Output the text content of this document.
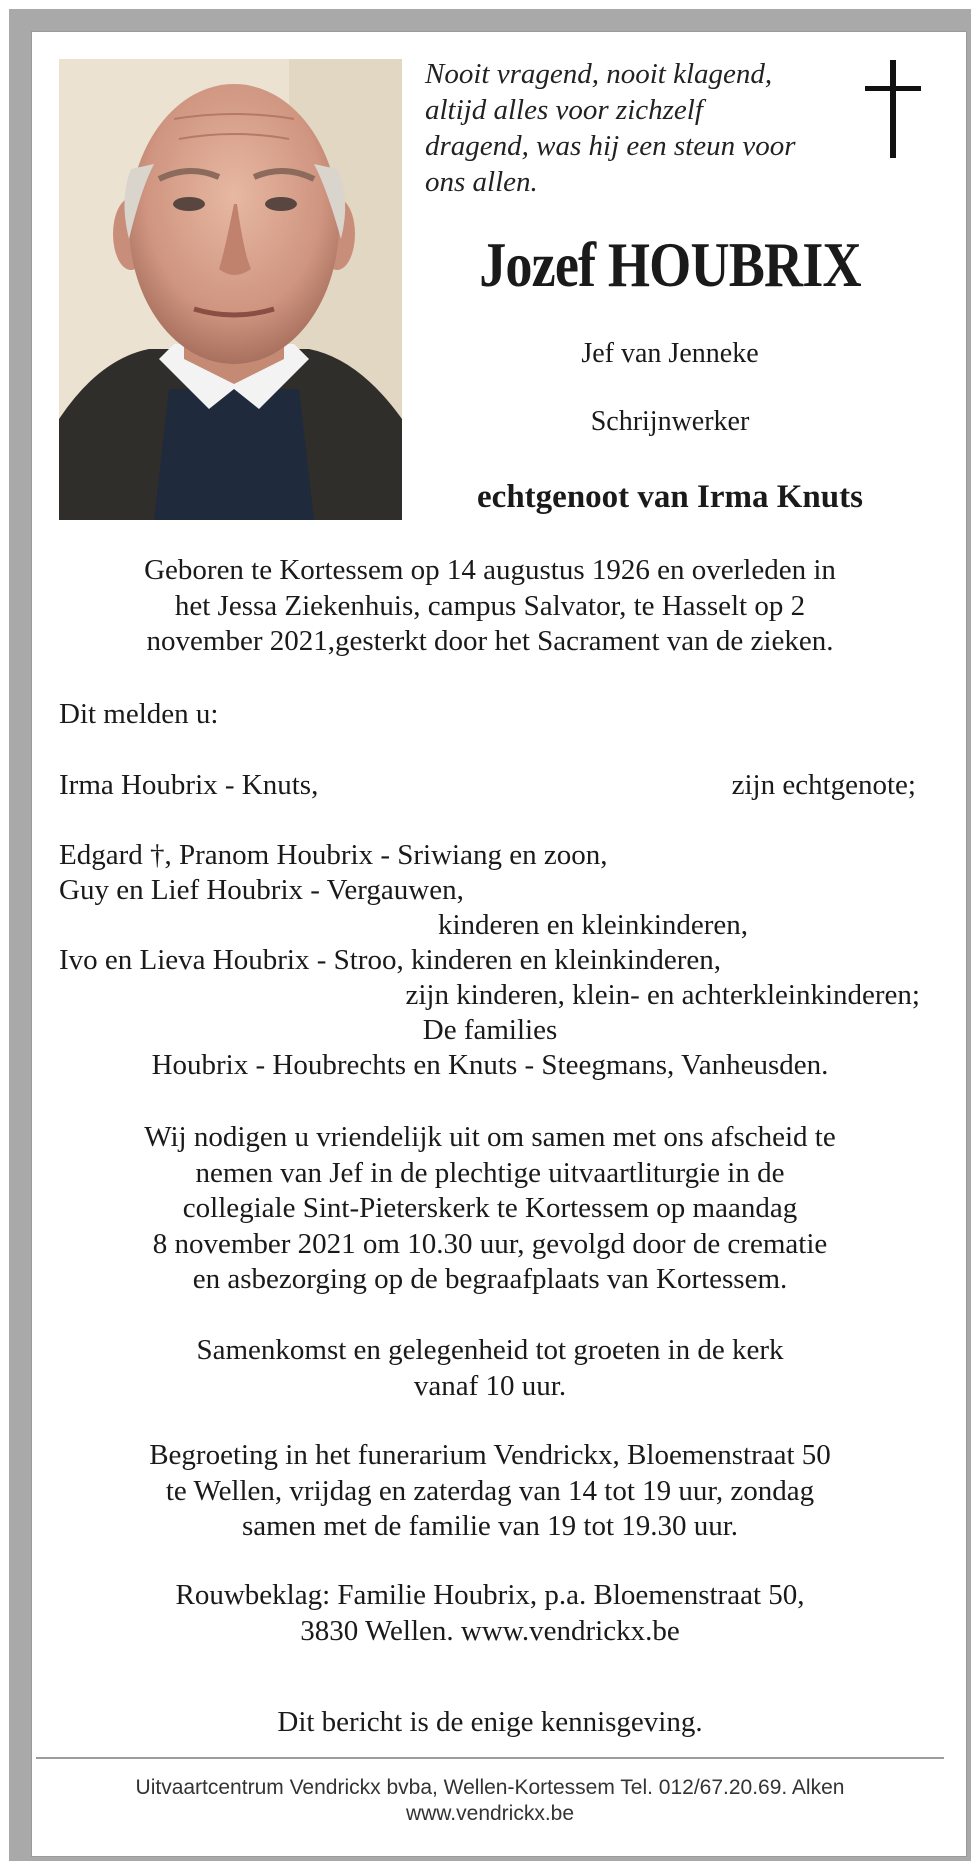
Nooit vragend, nooit klagend,
altijd alles voor zichzelf
dragend, was hij een steun voor
ons allen.
Jozef HOUBRIX
Jef van Jenneke
Schrijnwerker
echtgenoot van Irma Knuts
Geboren te Kortessem op 14 augustus 1926 en overleden in
het Jessa Ziekenhuis, campus Salvator, te Hasselt op 2
november 2021,gesterkt door het Sacrament van de zieken.
Dit melden u:
Irma Houbrix - Knuts,	zijn echtgenote;
Edgard †, Pranom Houbrix - Sriwiang en zoon,
Guy en Lief Houbrix - Vergauwen,
kinderen en kleinkinderen,
Ivo en Lieva Houbrix - Stroo, kinderen en kleinkinderen,
zijn kinderen, klein- en achterkleinkinderen;
De families
Houbrix - Houbrechts en Knuts - Steegmans, Vanheusden.
Wij nodigen u vriendelijk uit om samen met ons afscheid te
nemen van Jef in de plechtige uitvaartliturgie in de
collegiale Sint-Pieterskerk te Kortessem op maandag
8 november 2021 om 10.30 uur, gevolgd door de crematie
en asbezorging op de begraafplaats van Kortessem.
Samenkomst en gelegenheid tot groeten in de kerk
vanaf 10 uur.
Begroeting in het funerarium Vendrickx, Bloemenstraat 50
te Wellen, vrijdag en zaterdag van 14 tot 19 uur, zondag
samen met de familie van 19 tot 19.30 uur.
Rouwbeklag: Familie Houbrix, p.a. Bloemenstraat 50,
3830 Wellen. www.vendrickx.be
Dit bericht is de enige kennisgeving.
Uitvaartcentrum Vendrickx bvba, Wellen-Kortessem Tel. 012/67.20.69. Alken
www.vendrickx.be
